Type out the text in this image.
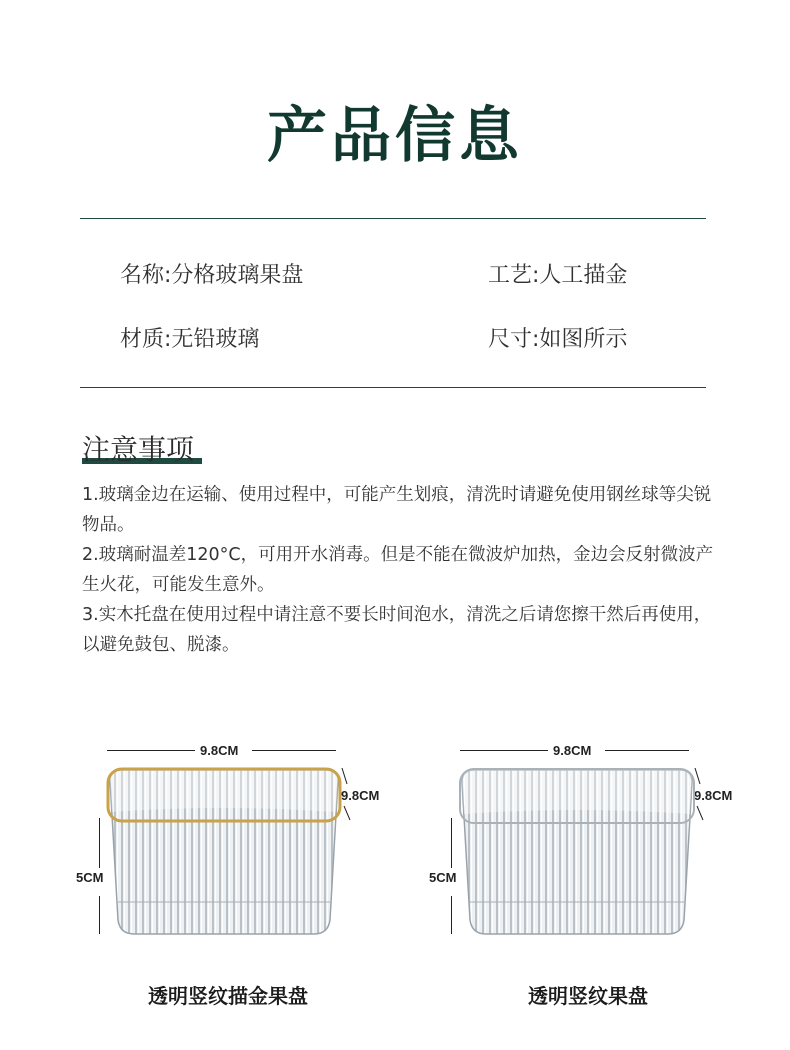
产品信息
名称:分格玻璃果盘	工艺:人工描金
材质:无铅玻璃	尺寸:如图所示
注意事项

1.玻璃金边在运输、使用过程中，可能产生划痕，清洗时请避免使用钢丝球等尖锐物品。

2.玻璃耐温差120°C，可用开水消毒。但是不能在微波炉加热，金边会反射微波产生火花，可能发生意外。

3.实木托盘在使用过程中请注意不要长时间泡水，清洗之后请您擦干然后再使用，以避免鼓包、脱漆。

9.8CM
9.8CM
5CM
透明竖纹描金果盘
9.8CM
9.8CM
5CM
透明竖纹果盘
